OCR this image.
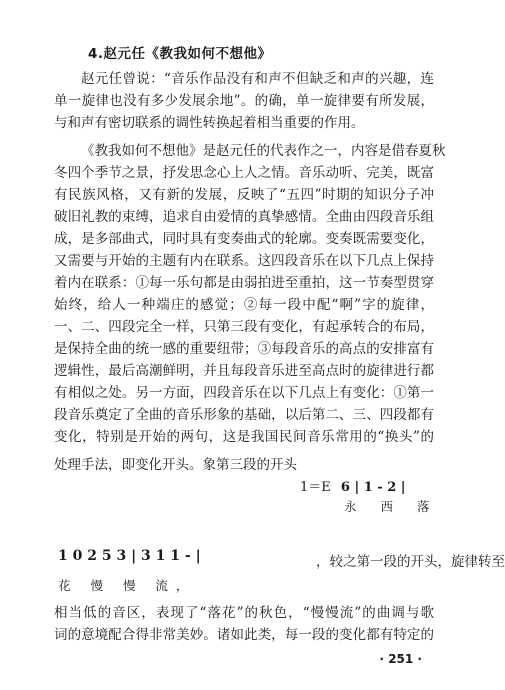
4.赵元任《教我如何不想他》
赵元任曾说：“音乐作品没有和声不但缺乏和声的兴趣，连
单一旋律也没有多少发展余地”。的确，单一旋律要有所发展，
与和声有密切联系的调性转换起着相当重要的作用。
《教我如何不想他》是赵元任的代表作之一，内容是借春夏秋
冬四个季节之景，抒发思念心上人之情。音乐动听、完美，既富
有民族风格，又有新的发展，反映了“五四”时期的知识分子冲
破旧礼教的束缚，追求自由爱情的真挚感情。全曲由四段音乐组
成，是多部曲式，同时具有变奏曲式的轮廓。变奏既需要变化，
又需要与开始的主题有内在联系。这四段音乐在以下几点上保持
着内在联系：①每一乐句都是由弱拍进至重拍，这一节奏型贯穿
始终，给人一种端庄的感觉；②每一段中配“啊”字的旋律，
一、二、四段完全一样，只第三段有变化，有起承转合的布局，
是保持全曲的统一感的重要纽带；③每段音乐的高点的安排富有
逻辑性，最后高潮鲜明，并且每段音乐进至高点时的旋律进行都
有相似之处。另一方面，四段音乐在以下几点上有变化：①第一
段音乐奠定了全曲的音乐形象的基础，以后第二、三、四段都有
变化，特别是开始的两句，这是我国民间音乐常用的“换头”的
处理手法，即变化开头。象第三段的开头
1＝E 6 | 1 - 2 |
永 西 落
1 0 2 5 3 | 3 1 1 - |
花 慢 慢 流，
，较之第一段的开头，旋律转至
相当低的音区，表现了“落花”的秋色，“慢慢流”的曲调与歌
词的意境配合得非常美妙。诸如此类，每一段的变化都有特定的
· 251 ·
